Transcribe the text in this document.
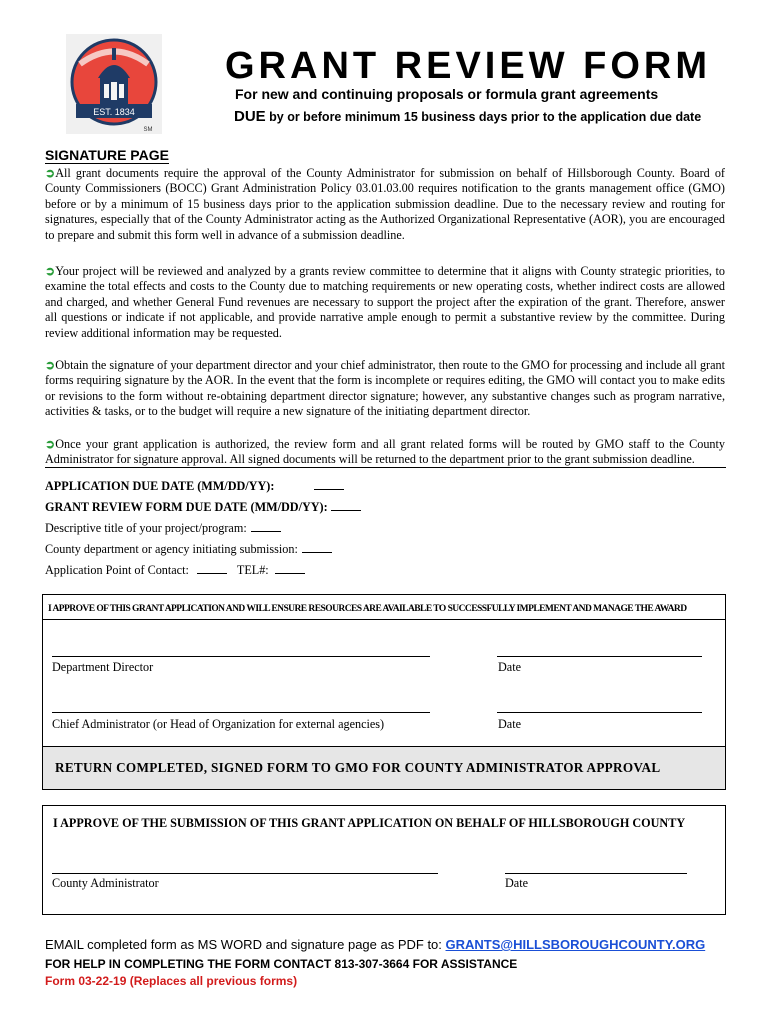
EST. 1834
SM
GRANT REVIEW FORM
For new and continuing proposals or formula grant agreements
DUE by or before minimum 15 business days prior to the application due date
SIGNATURE PAGE
➲All grant documents require the approval of the County Administrator for submission on behalf of Hillsborough County. Board of County Commissioners (BOCC) Grant Administration Policy 03.01.03.00 requires notification to the grants management office (GMO) before or by a minimum of 15 business days prior to the application submission deadline. Due to the necessary review and routing for signatures, especially that of the County Administrator acting as the Authorized Organizational Representative (AOR), you are encouraged to prepare and submit this form well in advance of a submission deadline.
➲Your project will be reviewed and analyzed by a grants review committee to determine that it aligns with County strategic priorities, to examine the total effects and costs to the County due to matching requirements or new operating costs, whether indirect costs are allowed and charged, and whether General Fund revenues are necessary to support the project after the expiration of the grant. Therefore, answer all questions or indicate if not applicable, and provide narrative ample enough to permit a substantive review by the committee. During review additional information may be requested.
➲Obtain the signature of your department director and your chief administrator, then route to the GMO for processing and include all grant forms requiring signature by the AOR. In the event that the form is incomplete or requires editing, the GMO will contact you to make edits or revisions to the form without re-obtaining department director signature; however, any substantive changes such as program narrative, activities & tasks, or to the budget will require a new signature of the initiating department director.
➲Once your grant application is authorized, the review form and all grant related forms will be routed by GMO staff to the County Administrator for signature approval. All signed documents will be returned to the department prior to the grant submission deadline.
APPLICATION DUE DATE (MM/DD/YY):
GRANT REVIEW FORM DUE DATE (MM/DD/YY):
Descriptive title of your project/program:
County department or agency initiating submission:
Application Point of Contact:	TEL#:
I APPROVE OF THIS GRANT APPLICATION AND WILL ENSURE RESOURCES ARE AVAILABLE TO SUCCESSFULLY IMPLEMENT AND MANAGE THE AWARD
Department Director	Date
Chief Administrator (or Head of Organization for external agencies)	Date
RETURN COMPLETED, SIGNED FORM TO GMO FOR COUNTY ADMINISTRATOR APPROVAL
I APPROVE OF THE SUBMISSION OF THIS GRANT APPLICATION ON BEHALF OF HILLSBOROUGH COUNTY
County Administrator	Date
EMAIL completed form as MS WORD and signature page as PDF to: GRANTS@HILLSBOROUGHCOUNTY.ORG
FOR HELP IN COMPLETING THE FORM CONTACT 813-307-3664 FOR ASSISTANCE
Form 03-22-19 (Replaces all previous forms)
